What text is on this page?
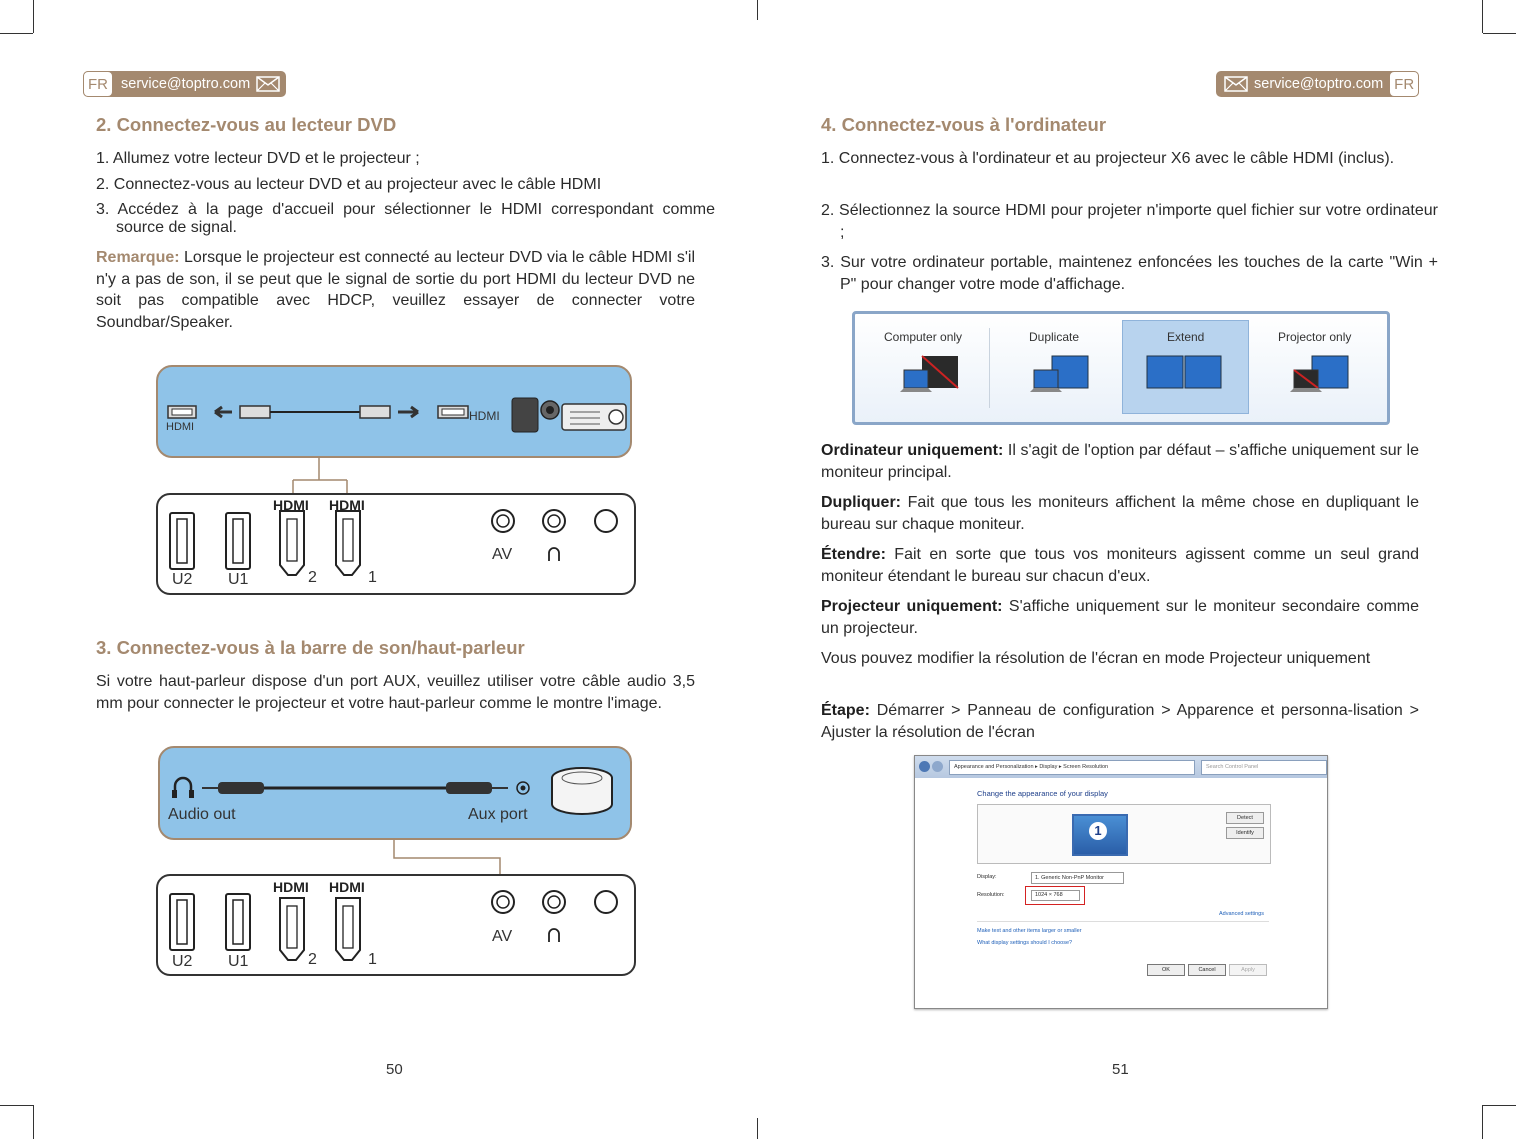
FR service@toptro.com
2. Connectez-vous au lecteur DVD
1. Allumez votre lecteur DVD et le projecteur ;
2. Connectez-vous au lecteur DVD et au projecteur avec le câble HDMI
3. Accédez à la page d'accueil pour sélectionner le HDMI correspondant comme source de signal.
Remarque: Lorsque le projecteur est connecté au lecteur DVD via le câble HDMI s'il n'y a pas de son, il se peut que le signal de sortie du port HDMI du lecteur DVD ne soit pas compatible avec HDCP, veuillez essayer de connecter votre Soundbar/Speaker.
HDMI
HDMI
HDMI HDMI
U2 U1	2	1
AV
3. Connectez-vous à la barre de son/haut-parleur
Si votre haut-parleur dispose d'un port AUX, veuillez utiliser votre câble audio 3,5 mm pour connecter le projecteur et votre haut-parleur comme le montre l'image.
Audio out	Aux port
HDMI HDMI
U2 U1	2	1
AV
50
service@toptro.com FR
4. Connectez-vous à l'ordinateur
1. Connectez-vous à l'ordinateur et au projecteur X6 avec le câble HDMI (inclus).
2. Sélectionnez la source HDMI pour projeter n'importe quel fichier sur votre ordinateur ;
3. Sur votre ordinateur portable, maintenez enfoncées les touches de la carte "Win + P" pour changer votre mode d'affichage.
Computer only	Duplicate	Extend	Projector only
Ordinateur uniquement: Il s'agit de l'option par défaut – s'affiche uniquement sur le moniteur principal.
Dupliquer: Fait que tous les moniteurs affichent la même chose en dupliquant le bureau sur chaque moniteur.
Étendre: Fait en sorte que tous vos moniteurs agissent comme un seul grand moniteur étendant le bureau sur chacun d'eux.
Projecteur uniquement: S'affiche uniquement sur le moniteur secondaire comme un projecteur.
Vous pouvez modifier la résolution de l'écran en mode Projecteur uniquement
Étape: Démarrer > Panneau de configuration > Apparence et personna-lisation > Ajuster la résolution de l'écran
Appearance and Personalization ▸ Display ▸ Screen Resolution	Search Control Panel
Change the appearance of your display
1
Detect
Identify
Display:	1. Generic Non-PnP Monitor
Resolution:	1024 × 768
Advanced settings
Make text and other items larger or smaller
What display settings should I choose?
OK	Cancel	Apply
51
